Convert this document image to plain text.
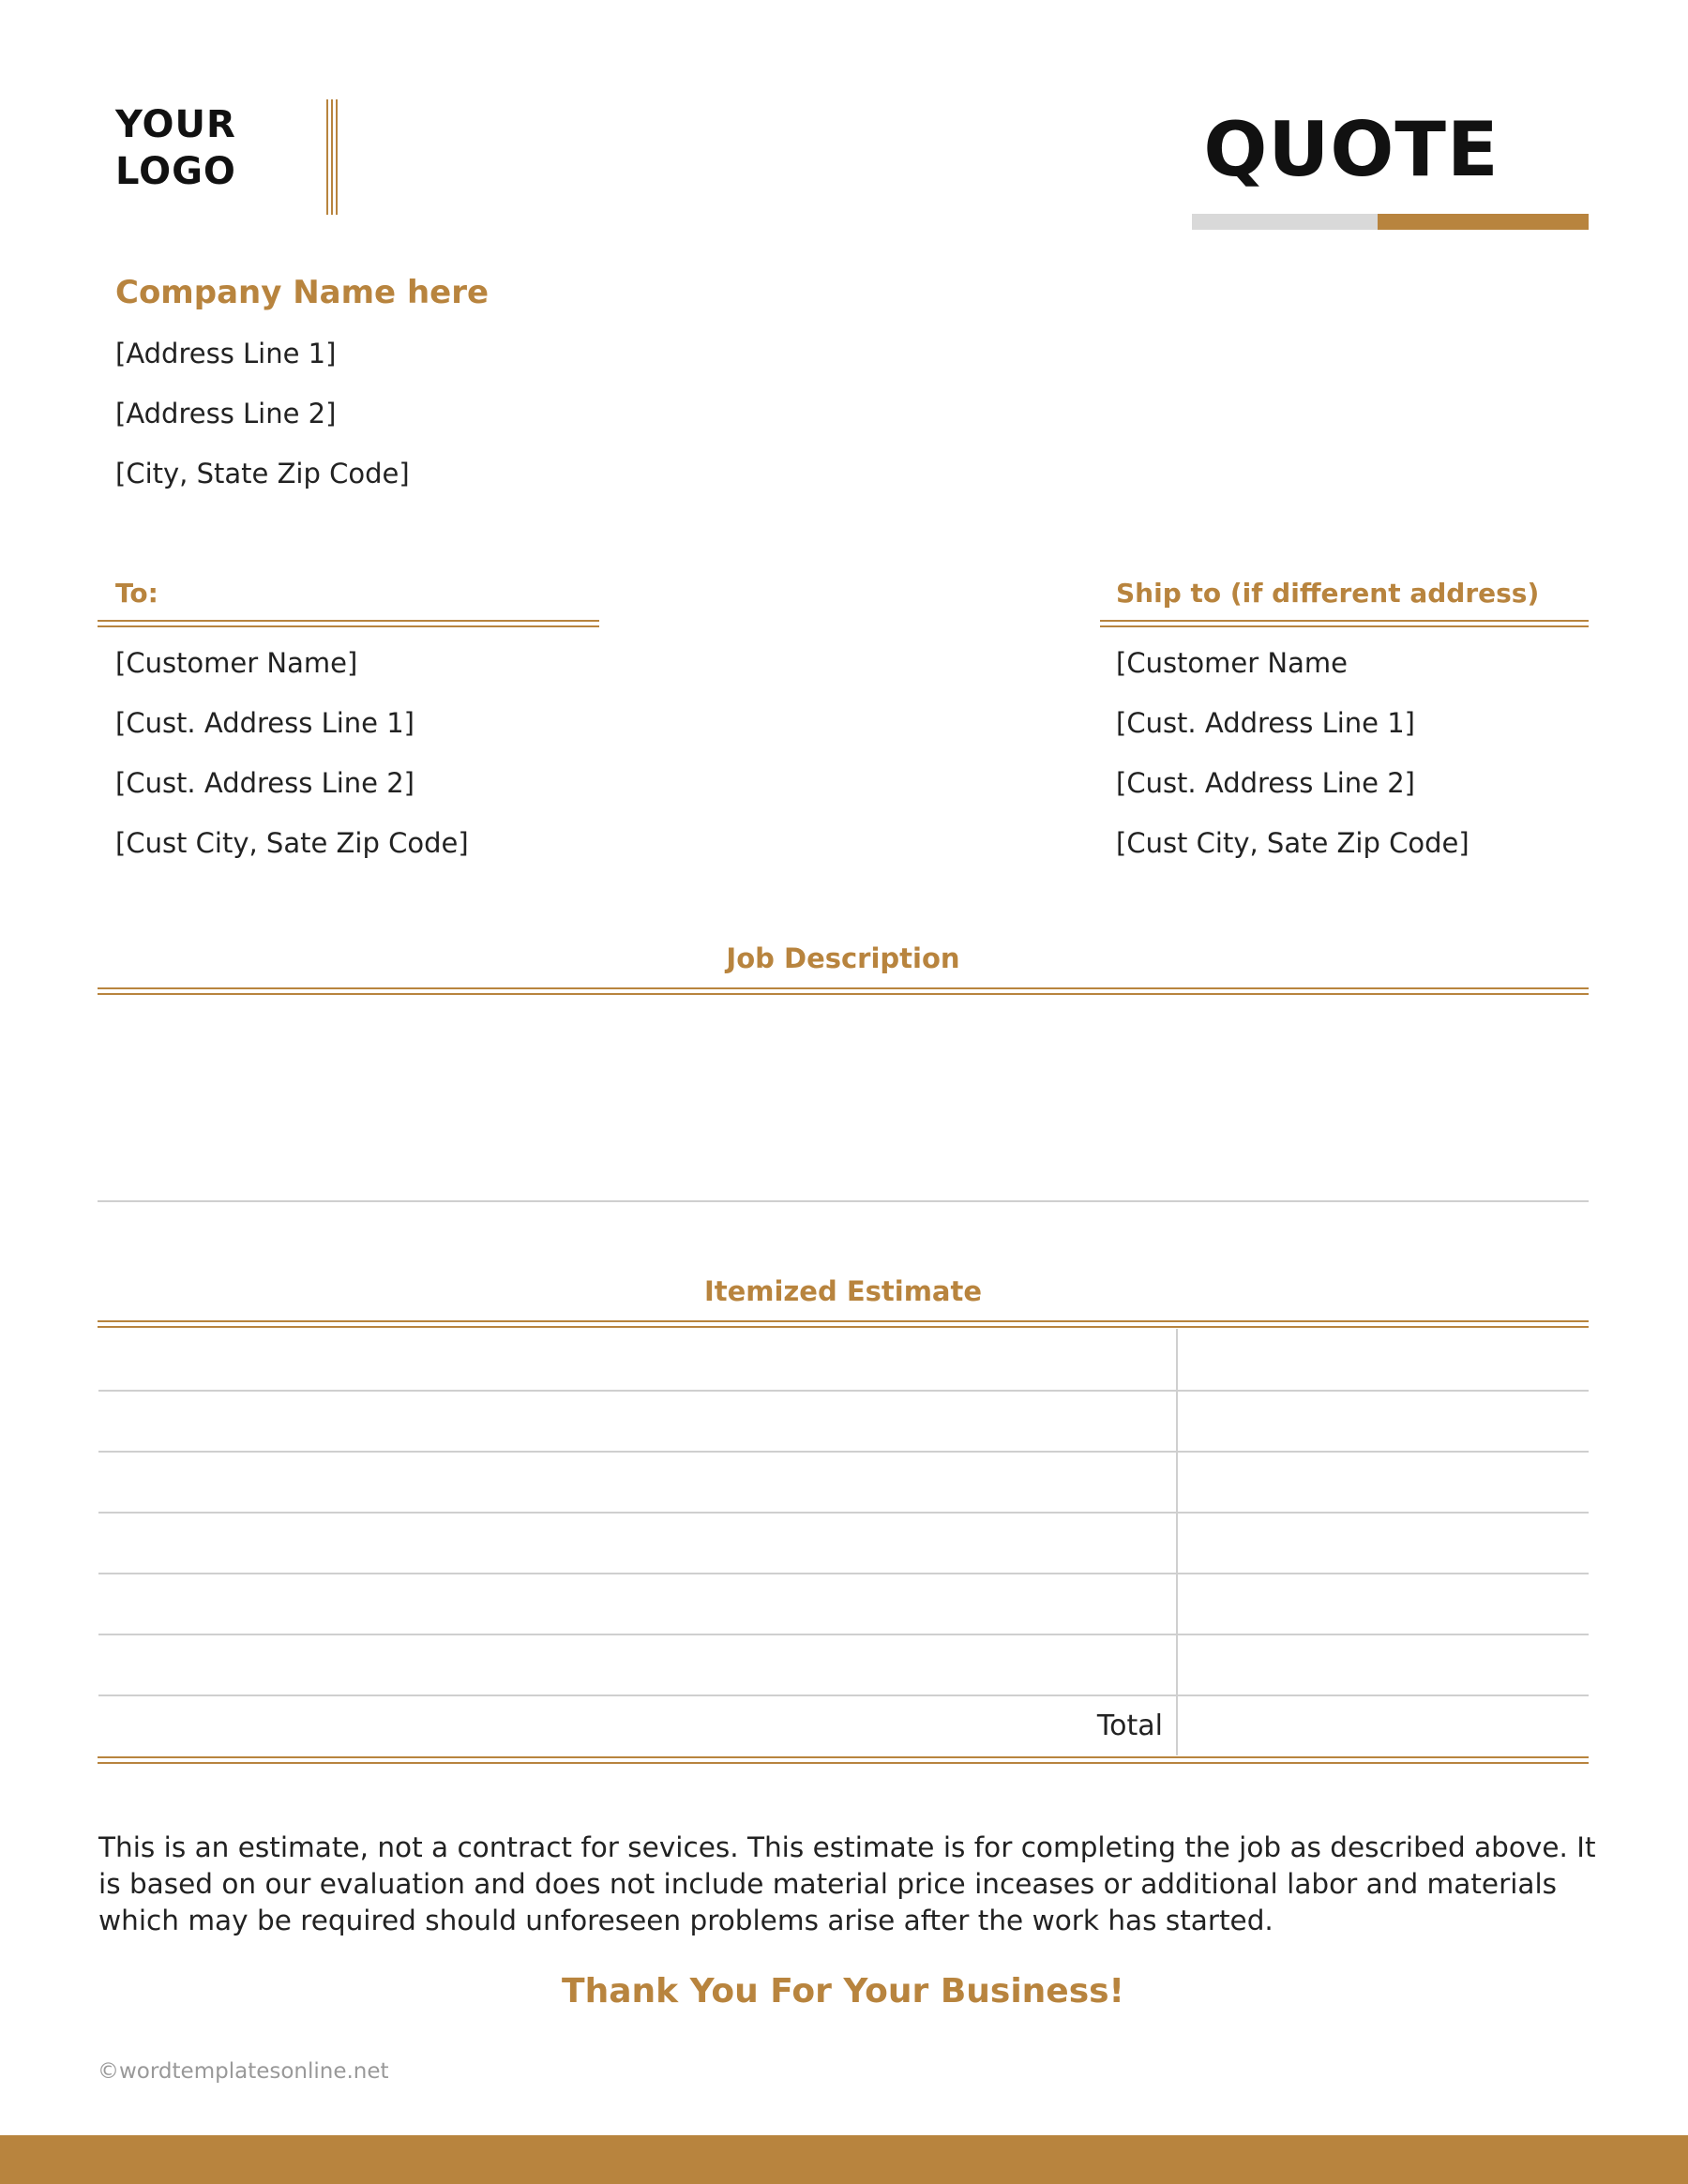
YOUR
LOGO	QUOTE
Company Name here
[Address Line 1]
[Address Line 2]
[City, State Zip Code]
To:
[Customer Name]
[Cust. Address Line 1]
[Cust. Address Line 2]
[Cust City, Sate Zip Code]
Ship to (if different address)
[Customer Name
[Cust. Address Line 1]
[Cust. Address Line 2]
[Cust City, Sate Zip Code]
Job Description
Itemized Estimate
Total
This is an estimate, not a contract for sevices. This estimate is for completing the job as described above. It is based on our evaluation and does not include material price inceases or additional labor and materials which may be required should unforeseen problems arise after the work has started.
Thank You For Your Business!
©wordtemplatesonline.net
